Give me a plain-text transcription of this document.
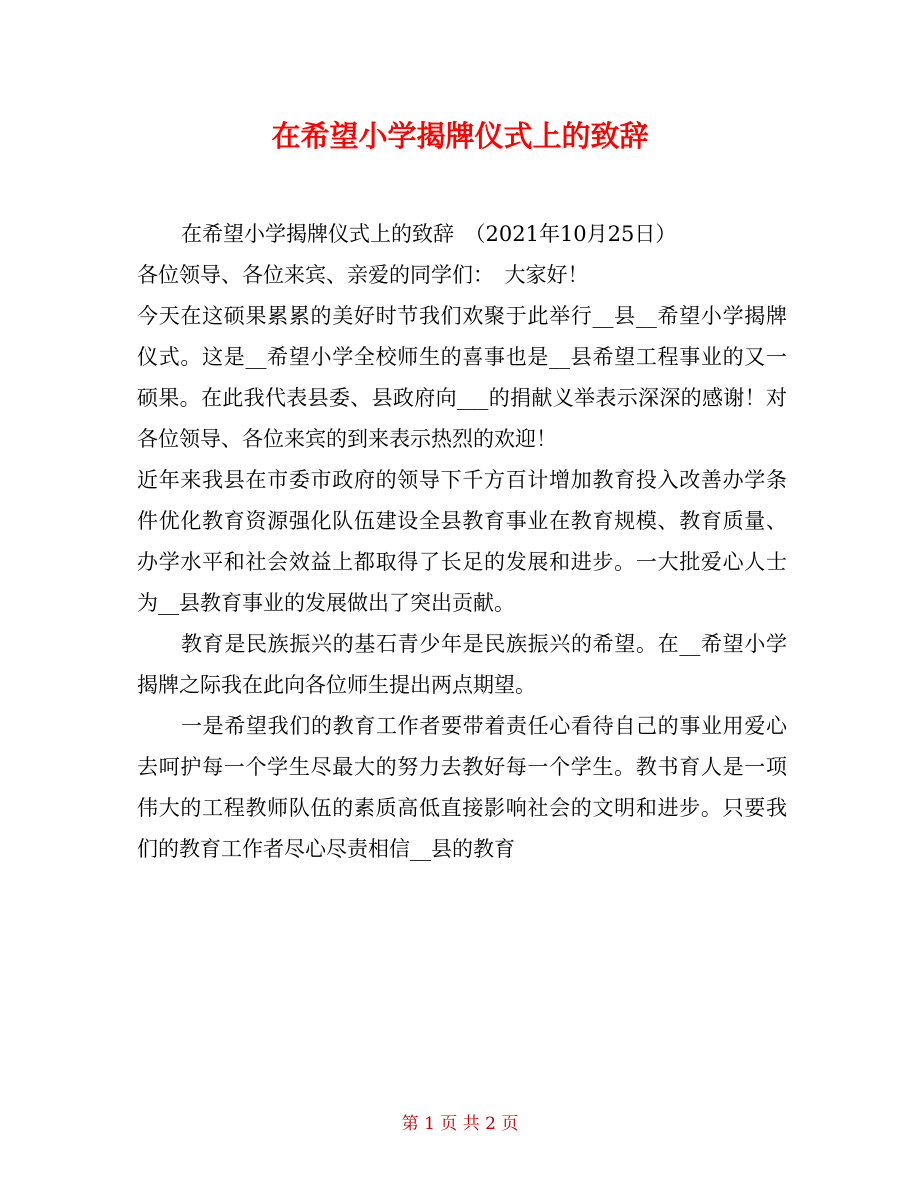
在希望小学揭牌仪式上的致辞

在希望小学揭牌仪式上的致辞　（2021年10月25日）

各位领导、各位来宾、亲爱的同学们：　大家好！

今天在这硕果累累的美好时节我们欢聚于此举行__县__希望小学揭牌仪式。这是__希望小学全校师生的喜事也是__县希望工程事业的又一硕果。在此我代表县委、县政府向___的捐献义举表示深深的感谢！对各位领导、各位来宾的到来表示热烈的欢迎！

近年来我县在市委市政府的领导下千方百计增加教育投入改善办学条件优化教育资源强化队伍建设全县教育事业在教育规模、教育质量、办学水平和社会效益上都取得了长足的发展和进步。一大批爱心人士为__县教育事业的发展做出了突出贡献。

教育是民族振兴的基石青少年是民族振兴的希望。在__希望小学揭牌之际我在此向各位师生提出两点期望。

一是希望我们的教育工作者要带着责任心看待自己的事业用爱心去呵护每一个学生尽最大的努力去教好每一个学生。教书育人是一项伟大的工程教师队伍的素质高低直接影响社会的文明和进步。只要我们的教育工作者尽心尽责相信__县的教育

第 1 页 共 2 页
